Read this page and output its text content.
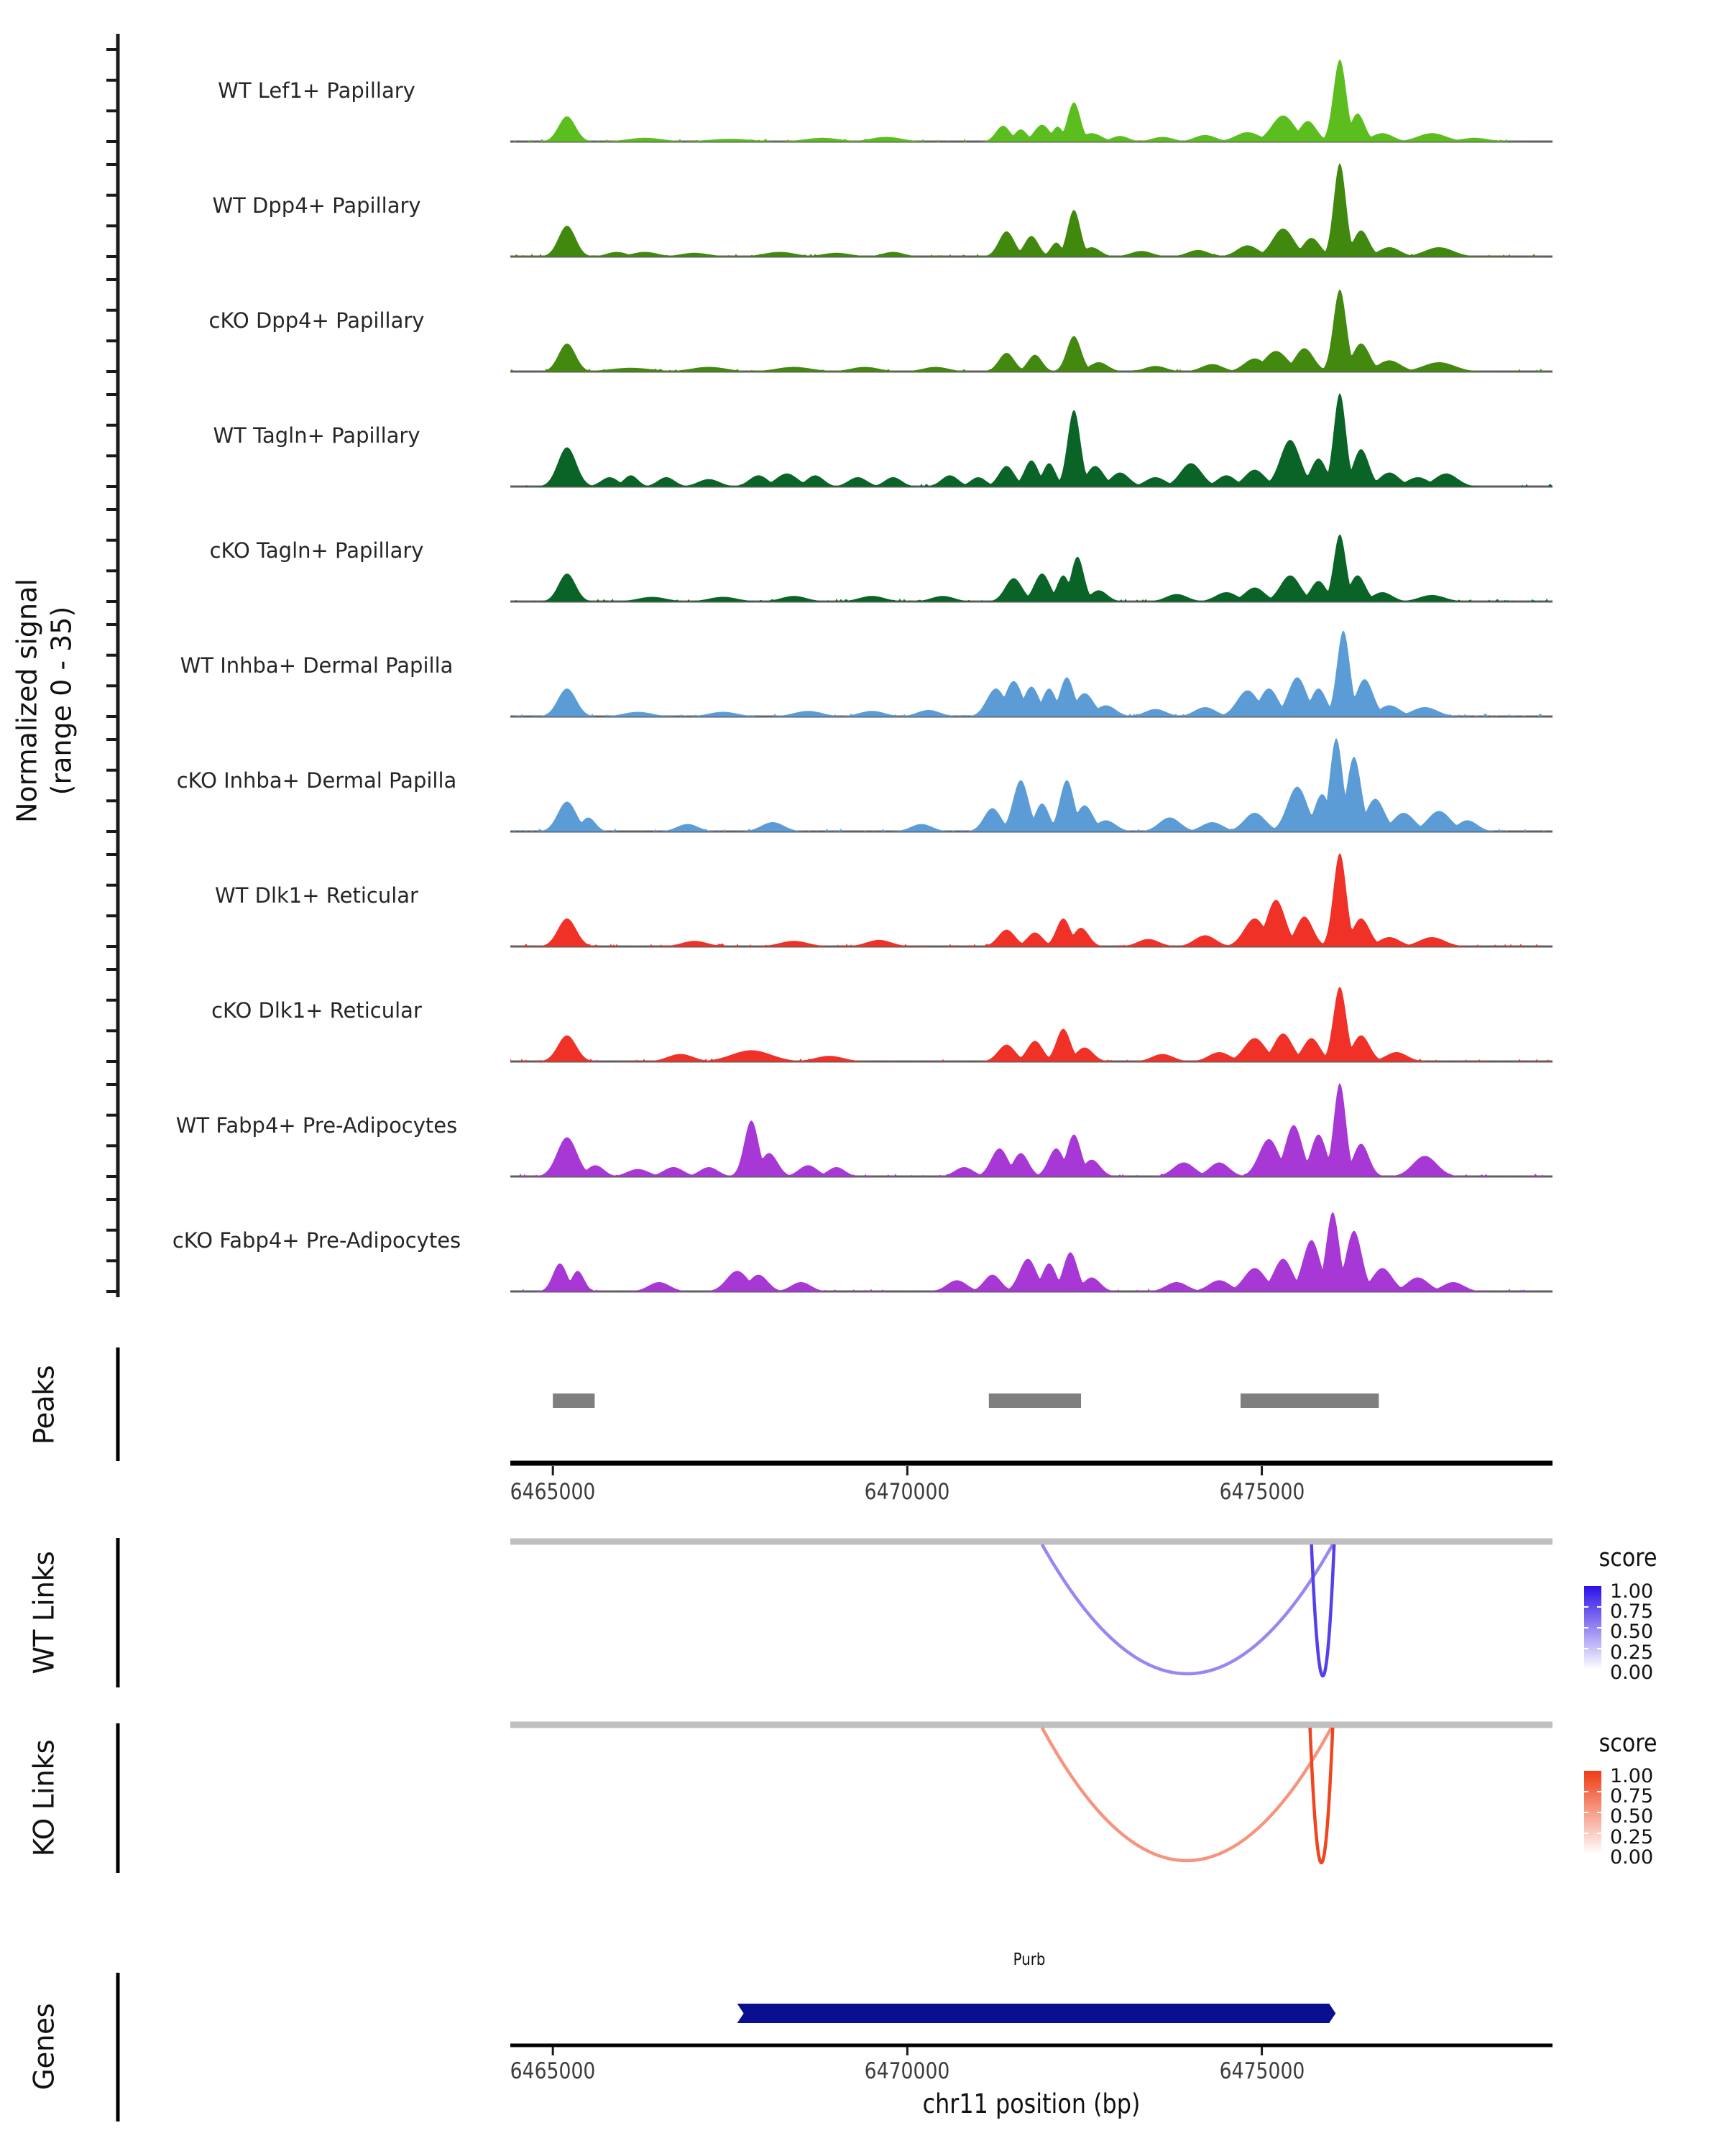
Normalized signal (range 0 - 35)
Peaks
WT Links
KO Links
Genes
6465000	6470000	6475000
score
1.00
0.75
0.50
0.25
0.00
score
1.00
0.75
0.50
0.25
0.00
Purb
6465000	6470000	6475000
chr11 position (bp)
WT Lef1+ Papillary
WT Dpp4+ Papillary
cKO Dpp4+ Papillary
WT Tagln+ Papillary
cKO Tagln+ Papillary
WT Inhba+ Dermal Papilla
cKO Inhba+ Dermal Papilla
WT Dlk1+ Reticular
cKO Dlk1+ Reticular
WT Fabp4+ Pre-Adipocytes
cKO Fabp4+ Pre-Adipocytes
